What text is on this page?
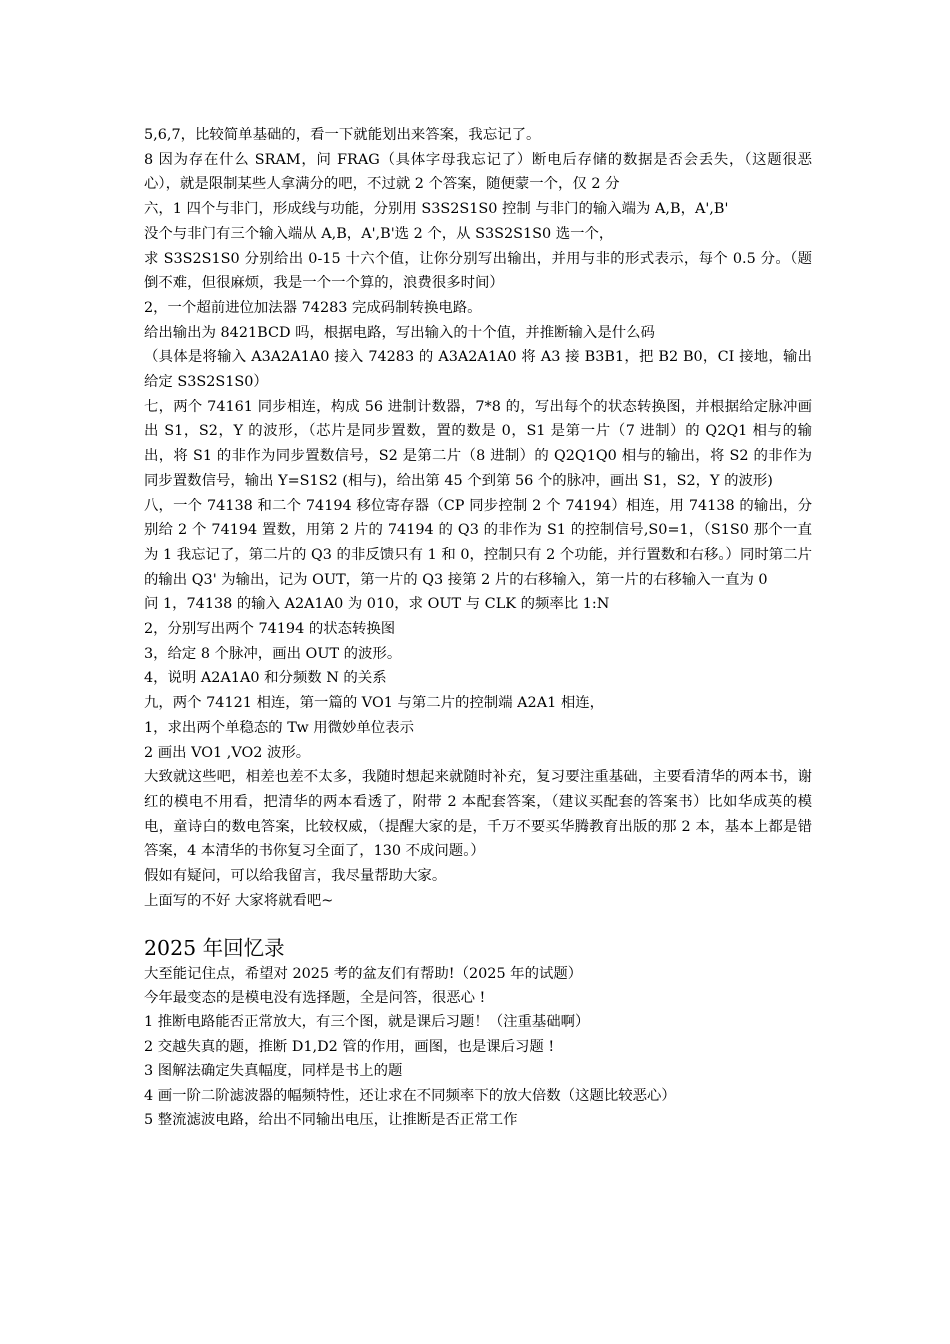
5,6,7，比较简单基础的，看一下就能划出来答案，我忘记了。

8 因为存在什么 SRAM，问 FRAG（具体字母我忘记了）断电后存储的数据是否会丢失，（这题很恶心），就是限制某些人拿满分的吧，不过就 2 个答案，随便蒙一个，仅 2 分

六，1 四个与非门，形成线与功能，分别用 S3S2S1S0 控制 与非门的输入端为 A,B，A',B'

没个与非门有三个输入端从 A,B，A',B'选 2 个，从 S3S2S1S0 选一个，

求 S3S2S1S0 分别给出 0-15 十六个值，让你分别写出输出，并用与非的形式表示，每个 0.5 分。（题倒不难，但很麻烦，我是一个一个算的，浪费很多时间）

2，一个超前进位加法器 74283 完成码制转换电路。

给出输出为 8421BCD 吗，根据电路，写出输入的十个值，并推断输入是什么码

（具体是将输入 A3A2A1A0 接入 74283 的 A3A2A1A0 将 A3 接 B3B1，把 B2 B0，CI 接地，输出给定 S3S2S1S0）

七，两个 74161 同步相连，构成 56 进制计数器，7*8 的，写出每个的状态转换图，并根据给定脉冲画出 S1，S2，Y 的波形，（芯片是同步置数，置的数是 0，S1 是第一片（7 进制）的 Q2Q1 相与的输出，将 S1 的非作为同步置数信号，S2 是第二片（8 进制）的 Q2Q1Q0 相与的输出，将 S2 的非作为同步置数信号，输出 Y=S1S2 (相与)，给出第 45 个到第 56 个的脉冲，画出 S1，S2，Y 的波形)

八，一个 74138 和二个 74194 移位寄存器（CP 同步控制 2 个 74194）相连，用 74138 的输出，分别给 2 个 74194 置数，用第 2 片的 74194 的 Q3 的非作为 S1 的控制信号,S0=1，（S1S0 那个一直为 1 我忘记了，第二片的 Q3 的非反馈只有 1 和 0，控制只有 2 个功能，并行置数和右移。）同时第二片的输出 Q3' 为输出，记为 OUT，第一片的 Q3 接第 2 片的右移输入，第一片的右移输入一直为 0

问 1，74138 的输入 A2A1A0 为 010，求 OUT 与 CLK 的频率比 1:N

2，分别写出两个 74194 的状态转换图

3，给定 8 个脉冲，画出 OUT 的波形。

4，说明 A2A1A0 和分频数 N 的关系

九，两个 74121 相连，第一篇的 VO1 与第二片的控制端 A2A1 相连，

1，求出两个单稳态的 Tw 用微妙单位表示

2 画出 VO1 ,VO2 波形。

大致就这些吧，相差也差不太多，我随时想起来就随时补充，复习要注重基础，主要看清华的两本书，谢红的模电不用看，把清华的两本看透了，附带 2 本配套答案，（建议买配套的答案书）比如华成英的模电，童诗白的数电答案，比较权威，（提醒大家的是，千万不要买华腾教育出版的那 2 本，基本上都是错答案，4 本清华的书你复习全面了，130 不成问题。）

假如有疑问，可以给我留言，我尽量帮助大家。

上面写的不好 大家将就看吧~

2025 年回忆录

大至能记住点，希望对 2025 考的盆友们有帮助!（2025 年的试题）

今年最变态的是模电没有选择题，全是问答，很恶心 !

1 推断电路能否正常放大，有三个图，就是课后习题！（注重基础啊）

2 交越失真的题，推断 D1,D2 管的作用，画图，也是课后习题 !

3 图解法确定失真幅度，同样是书上的题

4 画一阶二阶滤波器的幅频特性，还让求在不同频率下的放大倍数（这题比较恶心）

5 整流滤波电路，给出不同输出电压，让推断是否正常工作
